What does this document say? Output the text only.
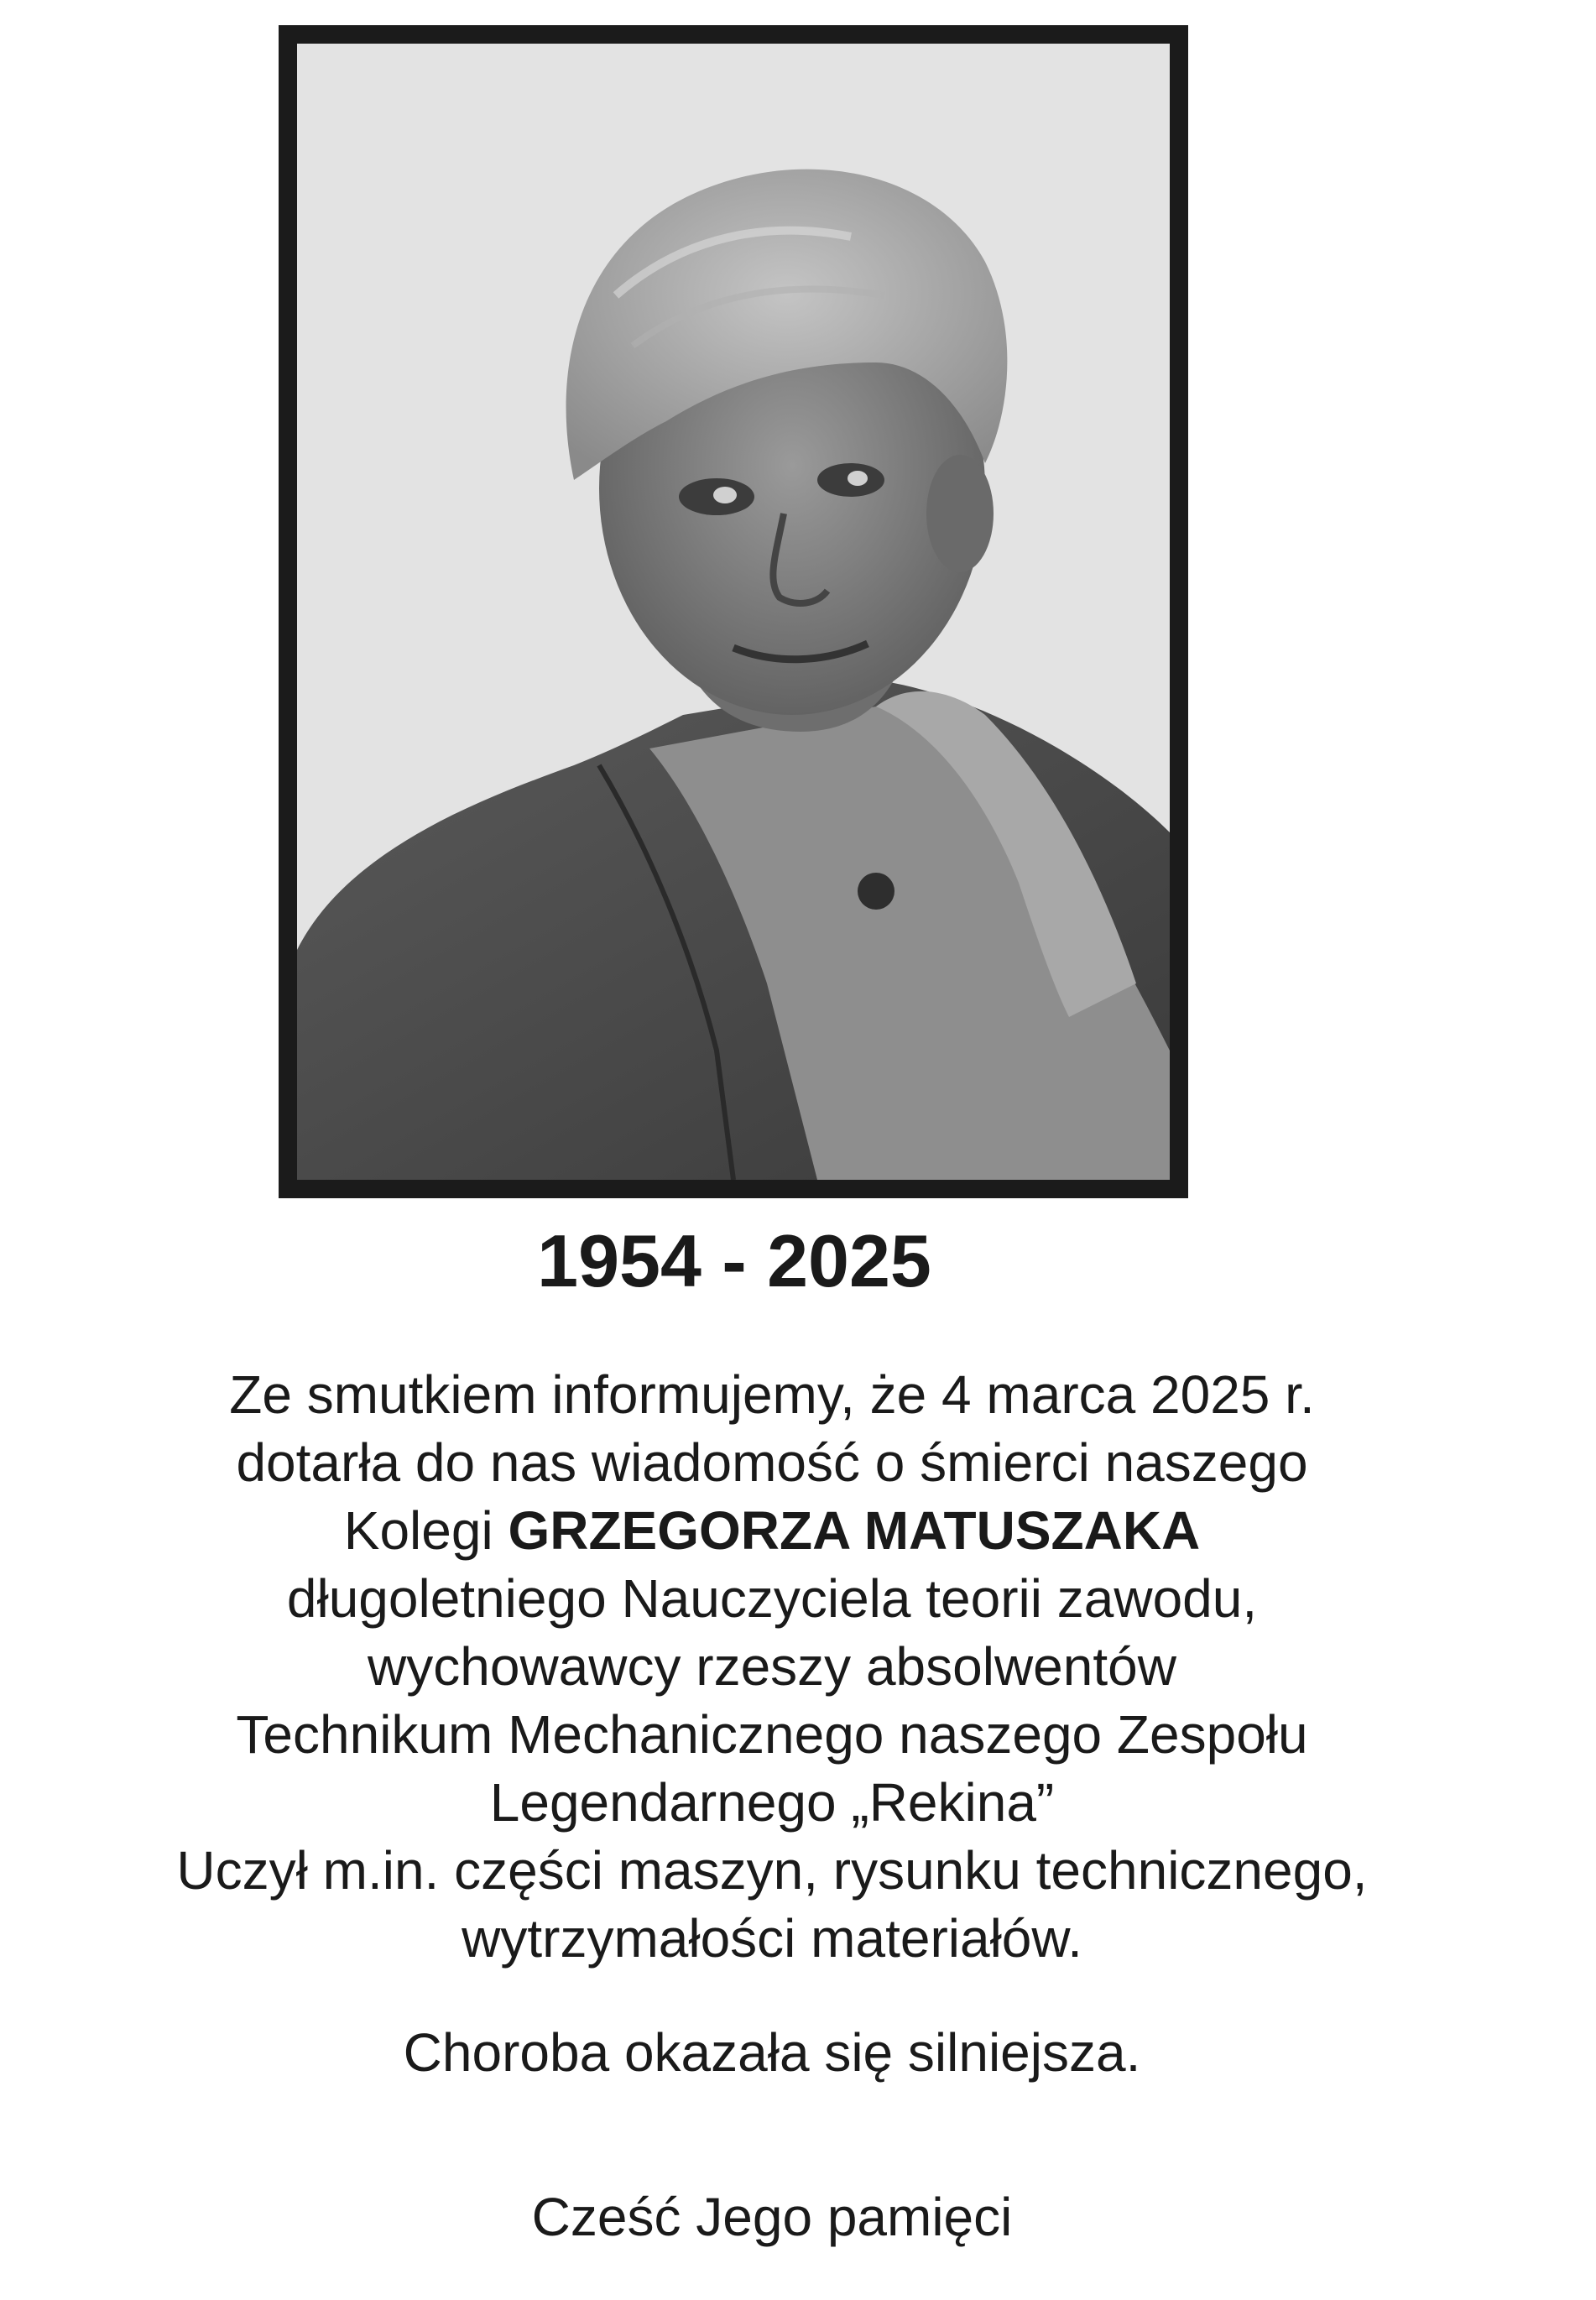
1954 - 2025
Ze smutkiem informujemy, że 4 marca 2025 r.
dotarła do nas wiadomość o śmierci naszego
Kolegi GRZEGORZA MATUSZAKA
długoletniego Nauczyciela teorii zawodu,
wychowawcy rzeszy absolwentów
Technikum Mechanicznego naszego Zespołu
Legendarnego „Rekina”
Uczył m.in. części maszyn, rysunku technicznego,
wytrzymałości materiałów.
Choroba okazała się silniejsza.
Cześć Jego pamięci
